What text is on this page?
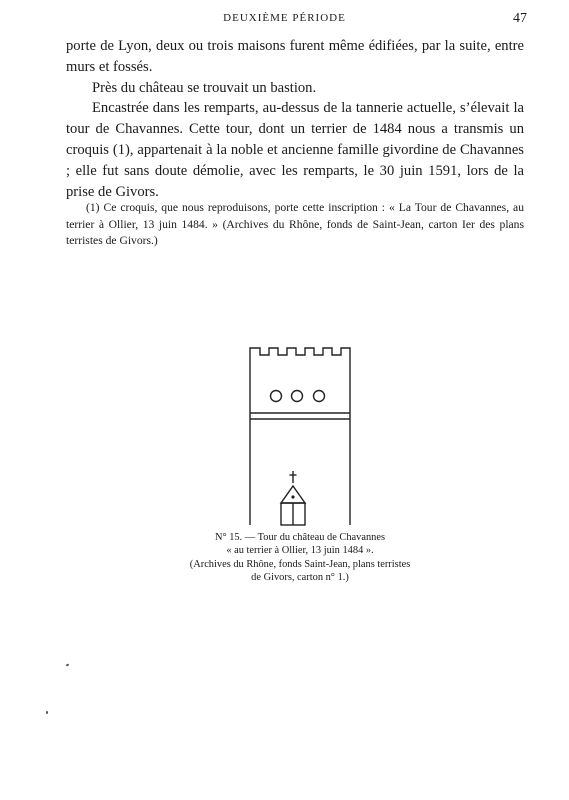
DEUXIÈME PÉRIODE	47

porte de Lyon, deux ou trois maisons furent même édifiées, par la suite, entre murs et fossés.

Près du château se trouvait un bastion.

Encastrée dans les remparts, au-dessus de la tannerie actuelle, s’élevait la tour de Chavannes. Cette tour, dont un terrier de 1484 nous a transmis un croquis (1), appartenait à la noble et ancienne famille givordine de Chavannes ; elle fut sans doute démolie, avec les remparts, le 30 juin 1591, lors de la prise de Givors.

(1) Ce croquis, que nous reproduisons, porte cette inscription : « La Tour de Chavannes, au terrier à Ollier, 13 juin 1484. » (Archives du Rhône, fonds de Saint-Jean, carton Ier des plans terristes de Givors.)

N° 15. — Tour du château de Chavannes
« au terrier à Ollier, 13 juin 1484 ».
(Archives du Rhône, fonds Saint-Jean, plans terristes
de Givors, carton n° 1.)
